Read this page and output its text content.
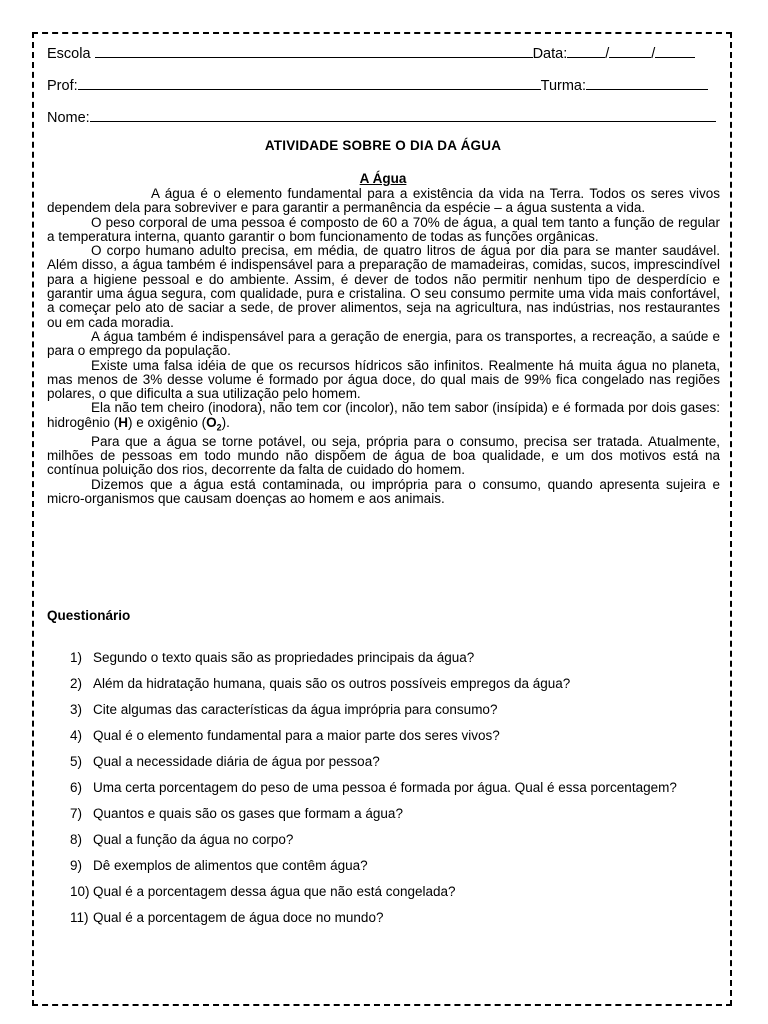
Escola	Data:	/	/
Prof:	Turma:
Nome:
ATIVIDADE SOBRE O DIA DA ÁGUA
A Água

A água é o elemento fundamental para a existência da vida na Terra. Todos os seres vivos dependem dela para sobreviver e para garantir a permanência da espécie – a água sustenta a vida.

O peso corporal de uma pessoa é composto de 60 a 70% de água, a qual tem tanto a função de regular a temperatura interna, quanto garantir o bom funcionamento de todas as funções orgânicas.

O corpo humano adulto precisa, em média, de quatro litros de água por dia para se manter saudável. Além disso, a água também é indispensável para a preparação de mamadeiras, comidas, sucos, imprescindível para a higiene pessoal e do ambiente. Assim, é dever de todos não permitir nenhum tipo de desperdício e garantir uma água segura, com qualidade, pura e cristalina. O seu consumo permite uma vida mais confortável, a começar pelo ato de saciar a sede, de prover alimentos, seja na agricultura, nas indústrias, nos restaurantes ou em cada moradia.

A água também é indispensável para a geração de energia, para os transportes, a recreação, a saúde e para o emprego da população.

Existe uma falsa idéia de que os recursos hídricos são infinitos. Realmente há muita água no planeta, mas menos de 3% desse volume é formado por água doce, do qual mais de 99% fica congelado nas regiões polares, o que dificulta a sua utilização pelo homem.

Ela não tem cheiro (inodora), não tem cor (incolor), não tem sabor (insípida) e é formada por dois gases: hidrogênio (H) e oxigênio $(O_2)$.

Para que a água se torne potável, ou seja, própria para o consumo, precisa ser tratada. Atualmente, milhões de pessoas em todo mundo não dispõem de água de boa qualidade, e um dos motivos está na contínua poluição dos rios, decorrente da falta de cuidado do homem.

Dizemos que a água está contaminada, ou imprópria para o consumo, quando apresenta sujeira e micro-organismos que causam doenças ao homem e aos animais.

Questionário
1) Segundo o texto quais são as propriedades principais da água?
2) Além da hidratação humana, quais são os outros possíveis empregos da água?
3) Cite algumas das características da água imprópria para consumo?
4) Qual é o elemento fundamental para a maior parte dos seres vivos?
5) Qual a necessidade diária de água por pessoa?
6) Uma certa porcentagem do peso de uma pessoa é formada por água. Qual é essa porcentagem?
7) Quantos e quais são os gases que formam a água?
8) Qual a função da água no corpo?
9) Dê exemplos de alimentos que contêm água?
10) Qual é a porcentagem dessa água que não está congelada?
11) Qual é a porcentagem de água doce no mundo?
